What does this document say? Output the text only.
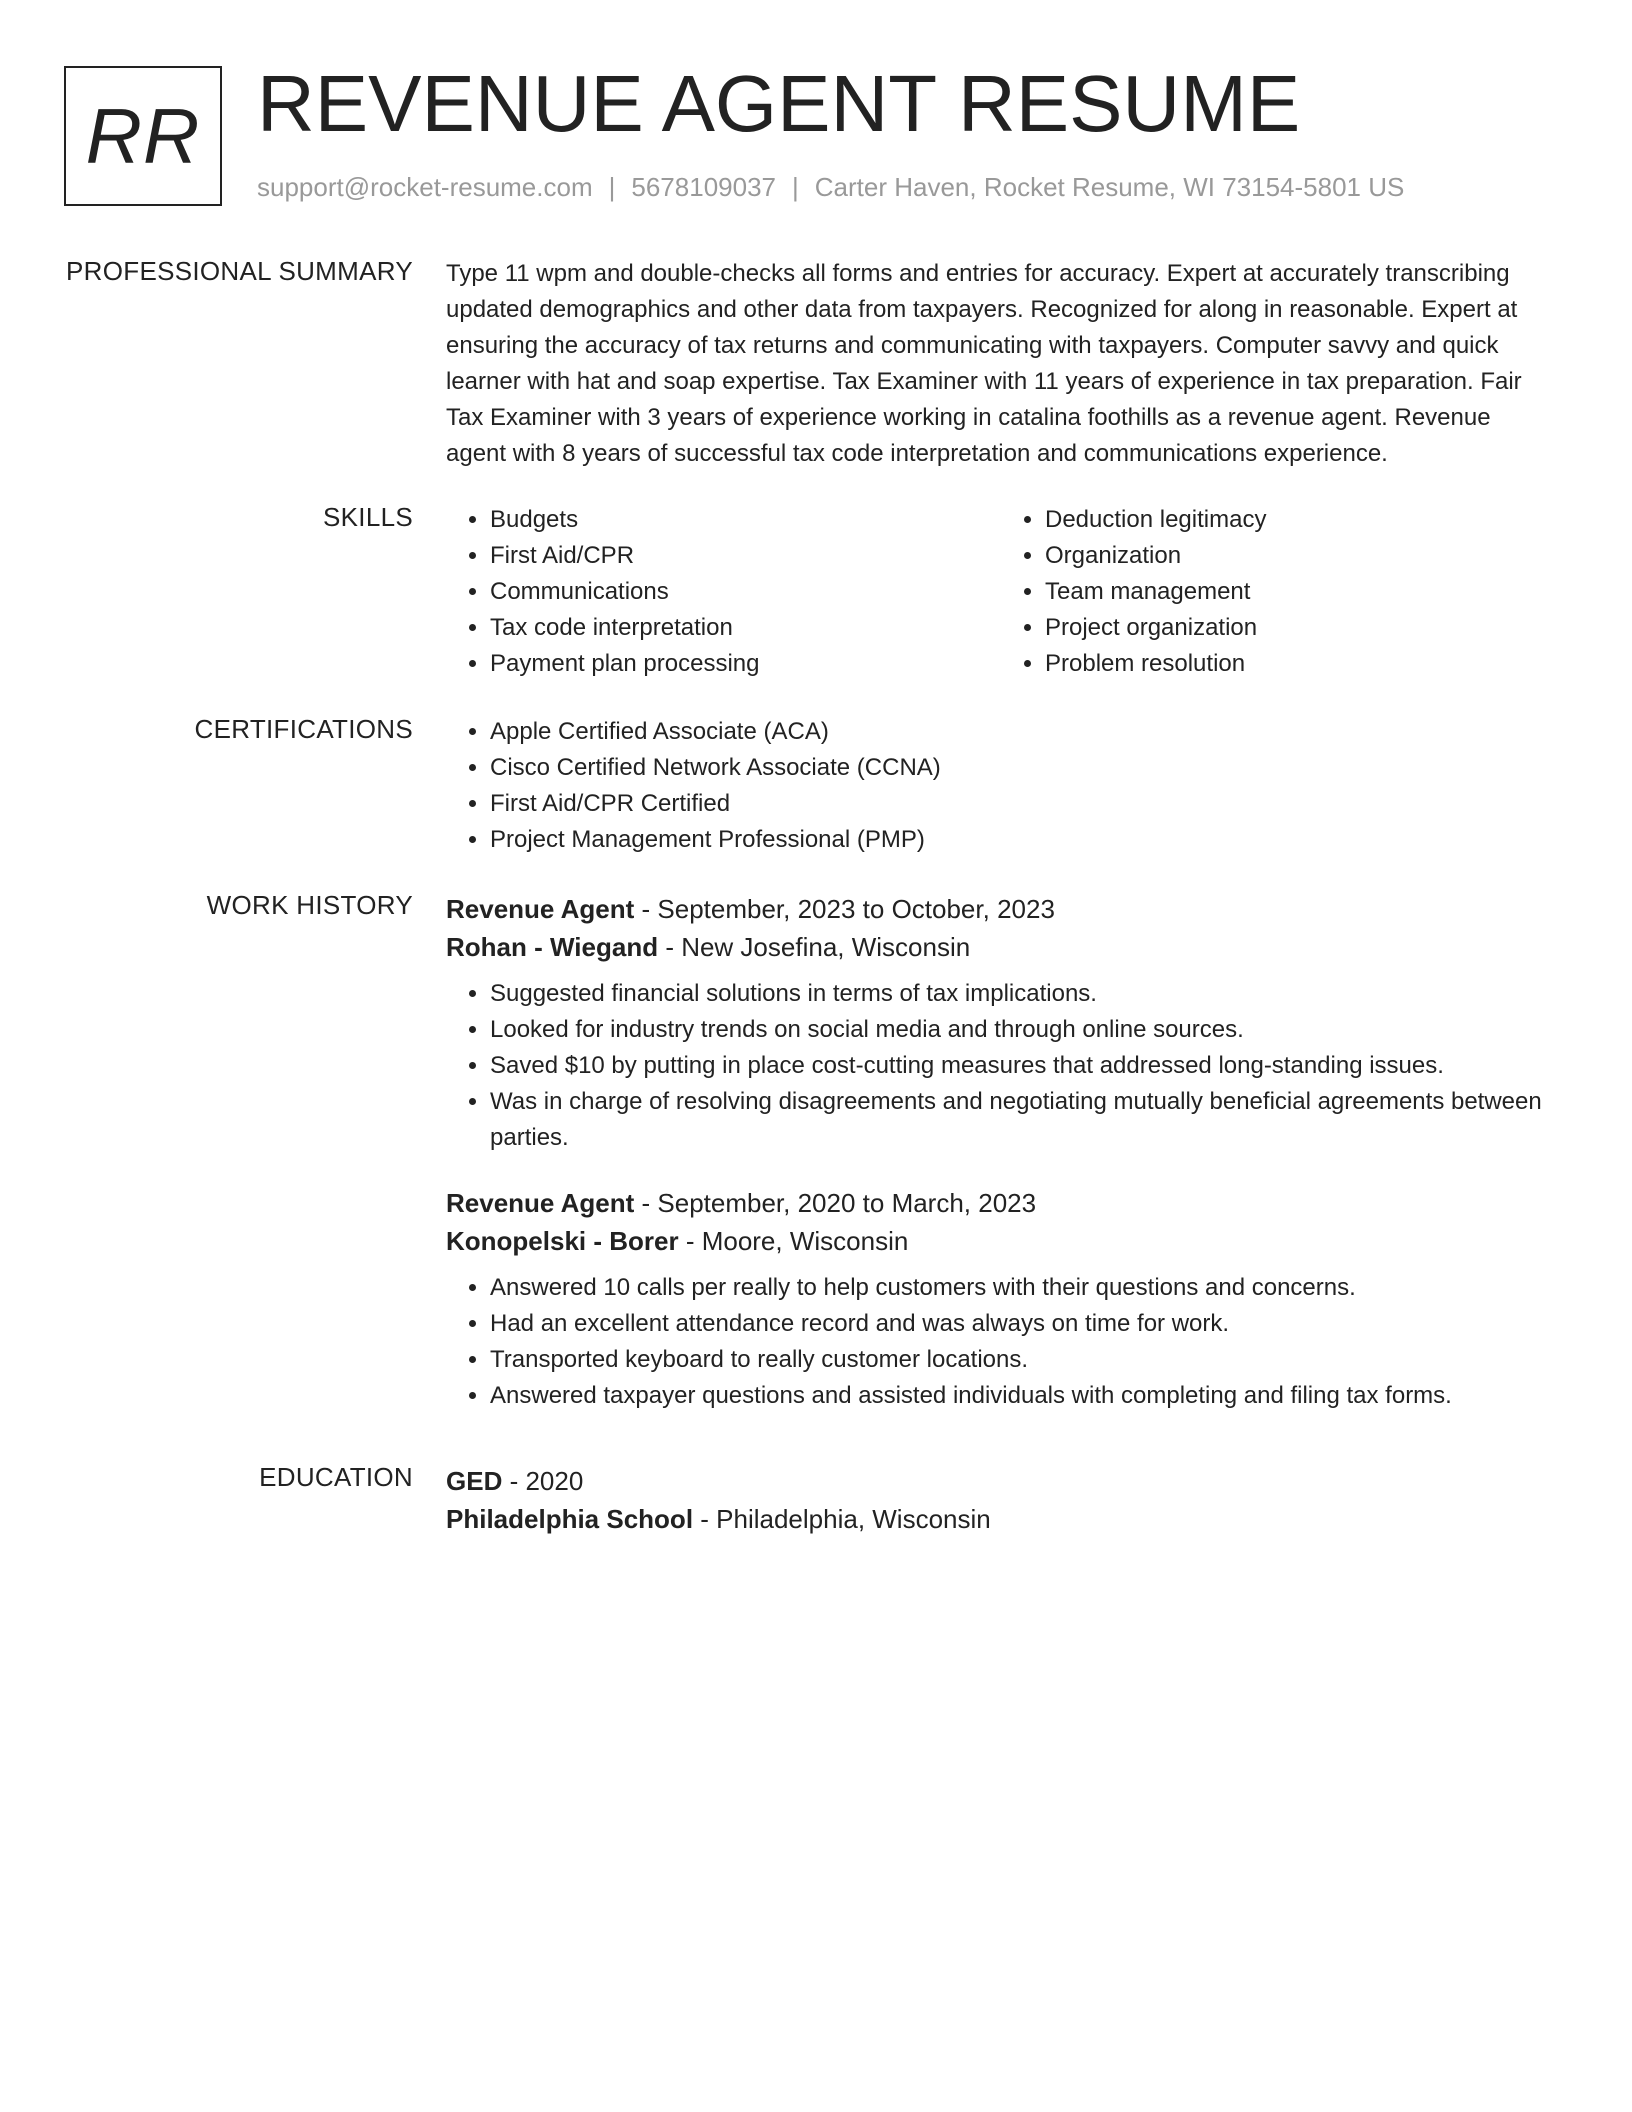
RR REVENUE AGENT RESUME
support@rocket-resume.com | 5678109037 | Carter Haven, Rocket Resume, WI 73154-5801 US
PROFESSIONAL SUMMARY Type 11 wpm and double-checks all forms and entries for accuracy. Expert at accurately transcribing updated demographics and other data from taxpayers. Recognized for along in reasonable. Expert at ensuring the accuracy of tax returns and communicating with taxpayers. Computer savvy and quick learner with hat and soap expertise. Tax Examiner with 11 years of experience in tax preparation. Fair Tax Examiner with 3 years of experience working in catalina foothills as a revenue agent. Revenue agent with 8 years of successful tax code interpretation and communications experience.

SKILLS	• Budgets
• First Aid/CPR
• Communications
• Tax code interpretation
• Payment plan processing
• Deduction legitimacy
• Organization
• Team management
• Project organization
• Problem resolution
CERTIFICATIONS	• Apple Certified Associate (ACA)
• Cisco Certified Network Associate (CCNA)
• First Aid/CPR Certified
• Project Management Professional (PMP)
WORK HISTORY Revenue Agent - September, 2023 to October, 2023
Rohan - Wiegand - New Josefina, Wisconsin
• Suggested financial solutions in terms of tax implications.
• Looked for industry trends on social media and through online sources.
• Saved $10 by putting in place cost-cutting measures that addressed long-standing issues.
• Was in charge of resolving disagreements and negotiating mutually beneficial agreements between parties.
Revenue Agent - September, 2020 to March, 2023
Konopelski - Borer - Moore, Wisconsin
• Answered 10 calls per really to help customers with their questions and concerns.
• Had an excellent attendance record and was always on time for work.
• Transported keyboard to really customer locations.
• Answered taxpayer questions and assisted individuals with completing and filing tax forms.
EDUCATION GED - 2020
Philadelphia School - Philadelphia, Wisconsin
